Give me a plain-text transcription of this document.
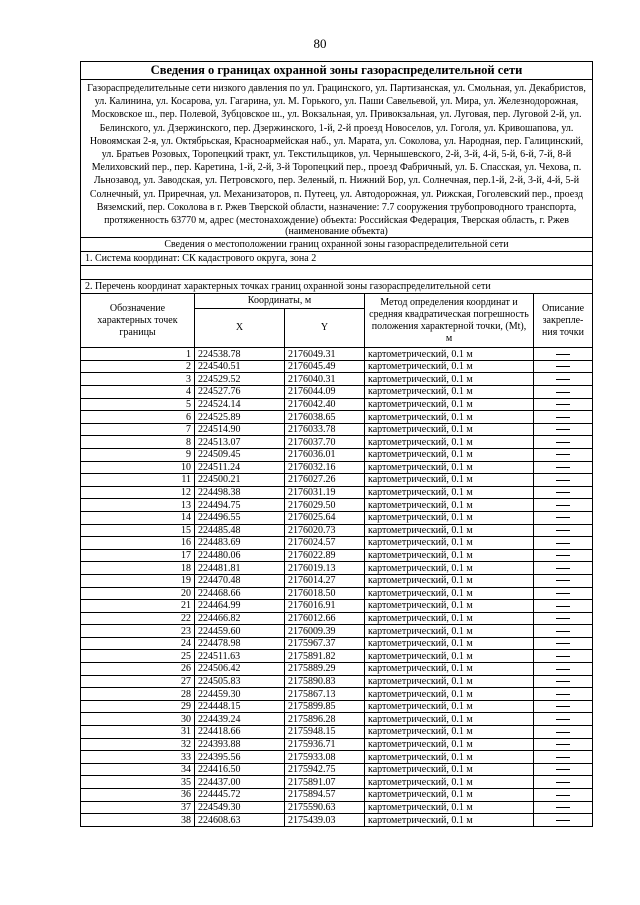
80
Сведения о границах охранной зоны газораспределительной сети				
Газораспределительные сети низкого давления по ул. Грацинского, ул. Партизанская, ул. Смольная, ул. Декабристов, ул. Калинина, ул. Косарова, ул. Гагарина, ул. М. Горького, ул. Паши Савельевой, ул. Мира, ул. Железнодорожная, Московское ш., пер. Полевой, Зубцовское ш., ул. Вокзальная, ул. Привокзальная, ул. Луговая, пер. Луговой 2-й, ул. Белинского, ул. Дзержинского, пер. Дзержинского, 1-й, 2-й проезд Новоселов, ул. Гоголя, ул. Кривошапова, ул. Новоямская 2-я, ул. Октябрьская, Красноармейская наб., ул. Марата, ул. Соколова, ул. Народная, пер. Галицинский, ул. Братьев Розовых, Торопецкий тракт, ул. Текстильщиков, ул. Чернышевского, 2-й, 3-й, 4-й, 5-й, 6-й, 7-й, 8-й Мелиховский пер., пер. Каретина, 1-й, 2-й, 3-й Торопецкий пер., проезд Фабричный, ул. Б. Спасская, ул. Чехова, п. Льнозавод, ул. Заводская, ул. Петровского, пер. Зеленый, п. Нижний Бор, ул. Солнечная, пер.1-й, 2-й, 3-й, 4-й, 5-й Солнечный, ул. Приречная, ул. Механизаторов, п. Путеец, ул. Автодорожная, ул. Рижская, Гоголевский пер., проезд Вяземский, пер. Соколова в г. Ржев Тверской области, назначение: 7.7 сооружения трубопроводного транспорта, протяженность 63770 м, адрес (местонахождение) объекта: Российская Федерация, Тверская область, г. Ржев				
(наименование объекта)				
Сведения о местоположении границ охранной зоны газораспределительной сети				
1. Система координат: СК кадастрового округа, зона 2				

2. Перечень координат характерных точках границ охранной зоны газораспределительной сети				
Обозначение характерных точек границы	Координаты, м		Метод определения координат и средняя квадратическая погрешность положения характерной точки, (Mt), м	Описание закрепле-ния точки
	X	Y		
1	224538.78	2176049.31	картометрический, 0.1 м	
2	224540.51	2176045.49	картометрический, 0.1 м	
3	224529.52	2176040.31	картометрический, 0.1 м	
4	224527.76	2176044.09	картометрический, 0.1 м	
5	224524.14	2176042.40	картометрический, 0.1 м	
6	224525.89	2176038.65	картометрический, 0.1 м	
7	224514.90	2176033.78	картометрический, 0.1 м	
8	224513.07	2176037.70	картометрический, 0.1 м	
9	224509.45	2176036.01	картометрический, 0.1 м	
10	224511.24	2176032.16	картометрический, 0.1 м	
11	224500.21	2176027.26	картометрический, 0.1 м	
12	224498.38	2176031.19	картометрический, 0.1 м	
13	224494.75	2176029.50	картометрический, 0.1 м	
14	224496.55	2176025.64	картометрический, 0.1 м	
15	224485.48	2176020.73	картометрический, 0.1 м	
16	224483.69	2176024.57	картометрический, 0.1 м	
17	224480.06	2176022.89	картометрический, 0.1 м	
18	224481.81	2176019.13	картометрический, 0.1 м	
19	224470.48	2176014.27	картометрический, 0.1 м	
20	224468.66	2176018.50	картометрический, 0.1 м	
21	224464.99	2176016.91	картометрический, 0.1 м	
22	224466.82	2176012.66	картометрический, 0.1 м	
23	224459.60	2176009.39	картометрический, 0.1 м	
24	224478.98	2175967.37	картометрический, 0.1 м	
25	224511.63	2175891.82	картометрический, 0.1 м	
26	224506.42	2175889.29	картометрический, 0.1 м	
27	224505.83	2175890.83	картометрический, 0.1 м	
28	224459.30	2175867.13	картометрический, 0.1 м	
29	224448.15	2175899.85	картометрический, 0.1 м	
30	224439.24	2175896.28	картометрический, 0.1 м	
31	224418.66	2175948.15	картометрический, 0.1 м	
32	224393.88	2175936.71	картометрический, 0.1 м	
33	224395.56	2175933.08	картометрический, 0.1 м	
34	224416.50	2175942.75	картометрический, 0.1 м	
35	224437.00	2175891.07	картометрический, 0.1 м	
36	224445.72	2175894.57	картометрический, 0.1 м	
37	224549.30	2175590.63	картометрический, 0.1 м	
38	224608.63	2175439.03	картометрический, 0.1 м	
